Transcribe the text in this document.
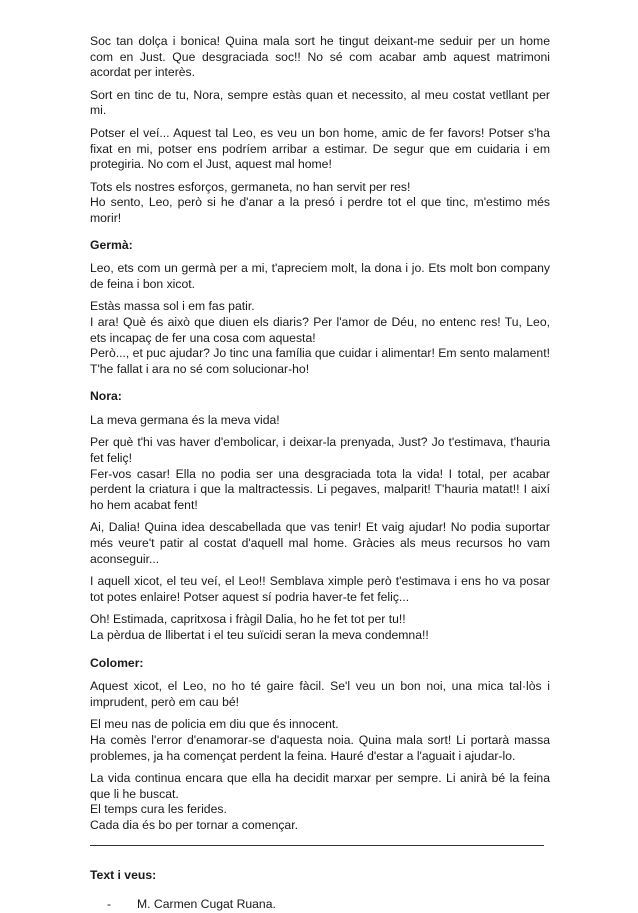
Soc tan dolça i bonica! Quina mala sort he tingut deixant-me seduir per un home com en Just. Que desgraciada soc!! No sé com acabar amb aquest matrimoni acordat per interès.

Sort en tinc de tu, Nora, sempre estàs quan et necessito, al meu costat vetllant per mi.

Potser el veí... Aquest tal Leo, es veu un bon home, amic de fer favors! Potser s'ha fixat en mi, potser ens podríem arribar a estimar. De segur que em cuidaria i em protegiria. No com el Just, aquest mal home!

Tots els nostres esforços, germaneta, no han servit per res!
Ho sento, Leo, però si he d'anar a la presó i perdre tot el que tinc, m'estimo més morir!

Germà:

Leo, ets com un germà per a mi, t'apreciem molt, la dona i jo. Ets molt bon company de feina i bon xicot.

Estàs massa sol i em fas patir.
I ara! Què és això que diuen els diaris? Per l'amor de Déu, no entenc res! Tu, Leo, ets incapaç de fer una cosa com aquesta!
Però..., et puc ajudar? Jo tinc una família que cuidar i alimentar! Em sento malament! T'he fallat i ara no sé com solucionar-ho!

Nora:

La meva germana és la meva vida!

Per què t'hi vas haver d'embolicar, i deixar-la prenyada, Just? Jo t'estimava, t'hauria fet feliç!
Fer-vos casar! Ella no podia ser una desgraciada tota la vida! I total, per acabar perdent la criatura i que la maltractessis. Li pegaves, malparit! T'hauria matat!! I així ho hem acabat fent!

Ai, Dalia! Quina idea descabellada que vas tenir! Et vaig ajudar! No podia suportar més veure't patir al costat d'aquell mal home. Gràcies als meus recursos ho vam aconseguir...

I aquell xicot, el teu veí, el Leo!! Semblava ximple però t'estimava i ens ho va posar tot potes enlaire! Potser aquest sí podria haver-te fet feliç...

Oh! Estimada, capritxosa i fràgil Dalia, ho he fet tot per tu!!
La pèrdua de llibertat i el teu suïcidi seran la meva condemna!!

Colomer:

Aquest xicot, el Leo, no ho té gaire fàcil. Se'l veu un bon noi, una mica tal·lòs i imprudent, però em cau bé!

El meu nas de policia em diu que és innocent.
Ha comès l'error d'enamorar-se d'aquesta noia. Quina mala sort! Li portarà massa problemes, ja ha començat perdent la feina. Hauré d'estar a l'aguait i ajudar-lo.

La vida continua encara que ella ha decidit marxar per sempre. Li anirà bé la feina que li he buscat.
El temps cura les ferides.
Cada dia és bo per tornar a començar.

Text i veus:

-	M. Carmen Cugat Ruana.
